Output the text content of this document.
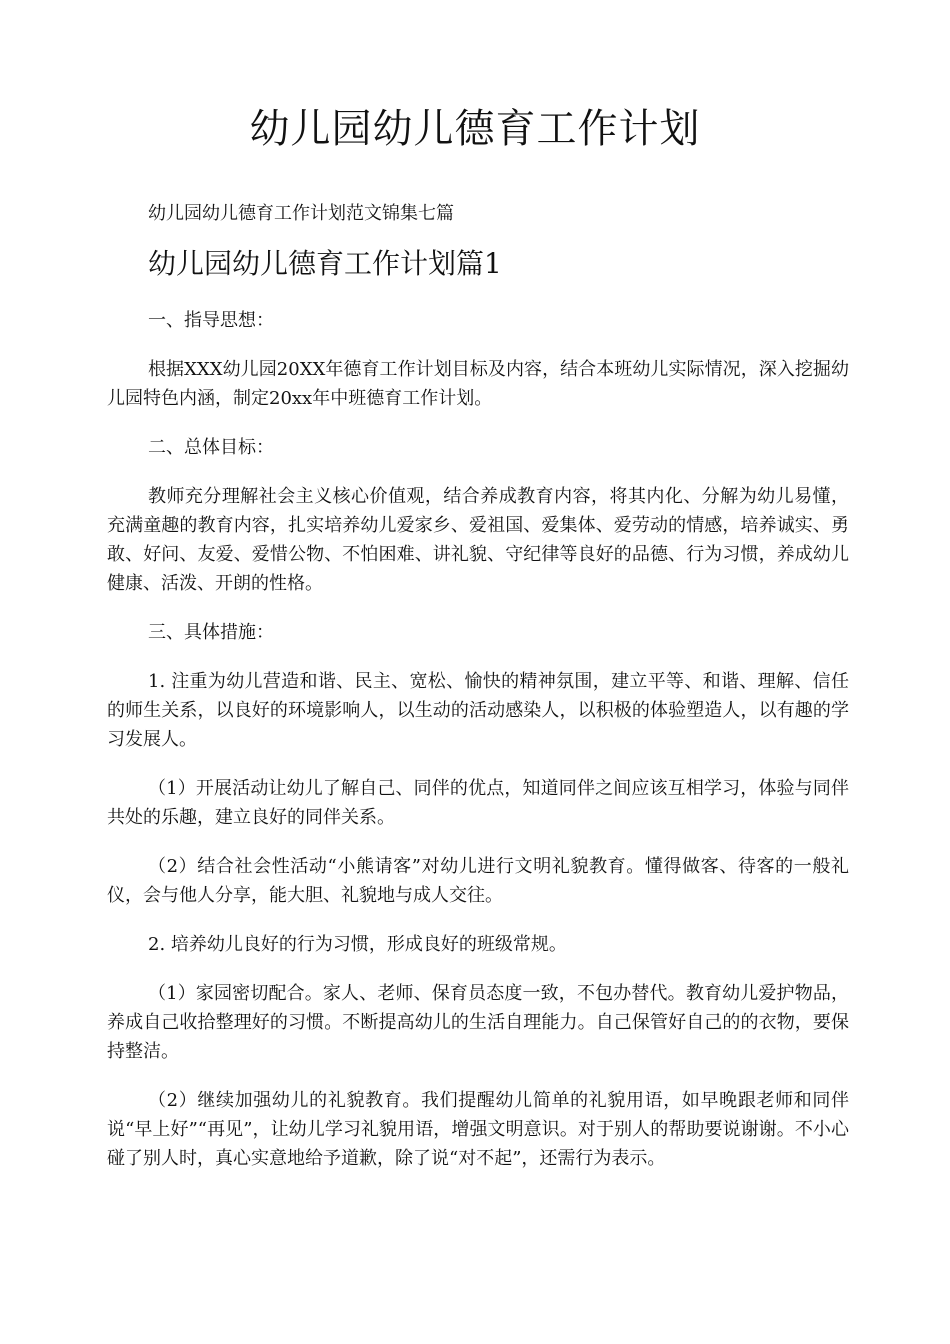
幼儿园幼儿德育工作计划

幼儿园幼儿德育工作计划范文锦集七篇

幼儿园幼儿德育工作计划篇1

一、指导思想：

根据XXX幼儿园20XX年德育工作计划目标及内容，结合本班幼儿实际情况，深入挖掘幼儿园特色内涵，制定20xx年中班德育工作计划。

二、总体目标：

教师充分理解社会主义核心价值观，结合养成教育内容，将其内化、分解为幼儿易懂，充满童趣的教育内容，扎实培养幼儿爱家乡、爱祖国、爱集体、爱劳动的情感，培养诚实、勇敢、好问、友爱、爱惜公物、不怕困难、讲礼貌、守纪律等良好的品德、行为习惯，养成幼儿健康、活泼、开朗的性格。

三、具体措施：

1. 注重为幼儿营造和谐、民主、宽松、愉快的精神氛围，建立平等、和谐、理解、信任的师生关系，以良好的环境影响人，以生动的活动感染人，以积极的体验塑造人，以有趣的学习发展人。

（1）开展活动让幼儿了解自己、同伴的优点，知道同伴之间应该互相学习，体验与同伴共处的乐趣，建立良好的同伴关系。

（2）结合社会性活动“小熊请客”对幼儿进行文明礼貌教育。懂得做客、待客的一般礼仪，会与他人分享，能大胆、礼貌地与成人交往。

2. 培养幼儿良好的行为习惯，形成良好的班级常规。

（1）家园密切配合。家人、老师、保育员态度一致，不包办替代。教育幼儿爱护物品，养成自己收拾整理好的习惯。不断提高幼儿的生活自理能力。自己保管好自己的的衣物，要保持整洁。

（2）继续加强幼儿的礼貌教育。我们提醒幼儿简单的礼貌用语，如早晚跟老师和同伴说“早上好”“再见”，让幼儿学习礼貌用语，增强文明意识。对于别人的帮助要说谢谢。不小心碰了别人时，真心实意地给予道歉，除了说“对不起”，还需行为表示。
